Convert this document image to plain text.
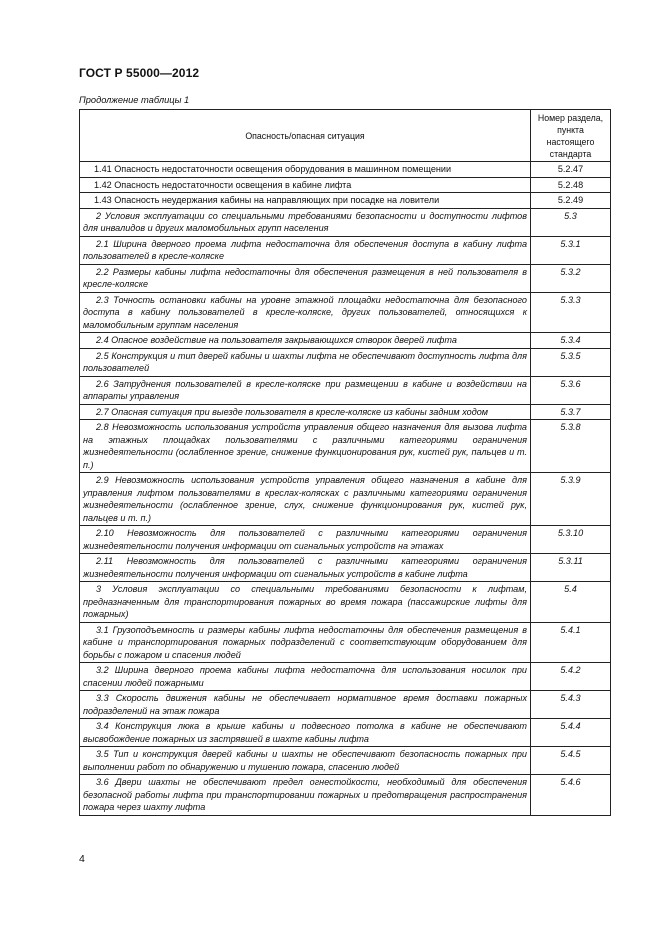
ГОСТ Р 55000—2012
Продолжение таблицы 1
Опасность/опасная ситуация	Номер раздела, пункта настоящего стандарта
1.41 Опасность недостаточности освещения оборудования в машинном помещении	5.2.47
1.42 Опасность недостаточности освещения в кабине лифта	5.2.48
1.43 Опасность неудержания кабины на направляющих при посадке на ловители	5.2.49
2 Условия эксплуатации со специальными требованиями безопасности и доступности лифтов для инвалидов и других маломобильных групп населения	5.3
2.1 Ширина дверного проема лифта недостаточна для обеспечения доступа в кабину лифта пользователей в кресле-коляске	5.3.1
2.2 Размеры кабины лифта недостаточны для обеспечения размещения в ней пользователя в кресле-коляске	5.3.2
2.3 Точность остановки кабины на уровне этажной площадки недостаточна для безопасного доступа в кабину пользователей в кресле-коляске, других пользователей, относящихся к маломобильным группам населения	5.3.3
2.4 Опасное воздействие на пользователя закрывающихся створок дверей лифта	5.3.4
2.5 Конструкция и тип дверей кабины и шахты лифта не обеспечивают доступность лифта для пользователей	5.3.5
2.6 Затруднения пользователей в кресле-коляске при размещении в кабине и воздействии на аппараты управления	5.3.6
2.7 Опасная ситуация при выезде пользователя в кресле-коляске из кабины задним ходом	5.3.7
2.8 Невозможность использования устройств управления общего назначения для вызова лифта на этажных площадках пользователями с различными категориями ограничения жизнедеятельности (ослабленное зрение, снижение функционирования рук, кистей рук, пальцев и т. п.)	5.3.8
2.9 Невозможность использования устройств управления общего назначения в кабине для управления лифтом пользователями в креслах-колясках с различными категориями ограничения жизнедеятельности (ослабленное зрение, слух, снижение функционирования рук, кистей рук, пальцев и т. п.)	5.3.9
2.10 Невозможность для пользователей с различными категориями ограничения жизнедеятельности получения информации от сигнальных устройств на этажах	5.3.10
2.11 Невозможность для пользователей с различными категориями ограничения жизнедеятельности получения информации от сигнальных устройств в кабине лифта	5.3.11
3 Условия эксплуатации со специальными требованиями безопасности к лифтам, предназначенным для транспортирования пожарных во время пожара (пассажирские лифты для пожарных)	5.4
3.1 Грузоподъемность и размеры кабины лифта недостаточны для обеспечения размещения в кабине и транспортирования пожарных подразделений с соответствующим оборудованием для борьбы с пожаром и спасения людей	5.4.1
3.2 Ширина дверного проема кабины лифта недостаточна для использования носилок при спасении людей пожарными	5.4.2
3.3 Скорость движения кабины не обеспечивает нормативное время доставки пожарных подразделений на этаж пожара	5.4.3
3.4 Конструкция люка в крыше кабины и подвесного потолка в кабине не обеспечивают высвобождение пожарных из застрявшей в шахте кабины лифта	5.4.4
3.5 Тип и конструкция дверей кабины и шахты не обеспечивают безопасность пожарных при выполнении работ по обнаружению и тушению пожара, спасению людей	5.4.5
3.6 Двери шахты не обеспечивают предел огнестойкости, необходимый для обеспечения безопасной работы лифта при транспортировании пожарных и предотвращения распространения пожара через шахту лифта	5.4.6
4
